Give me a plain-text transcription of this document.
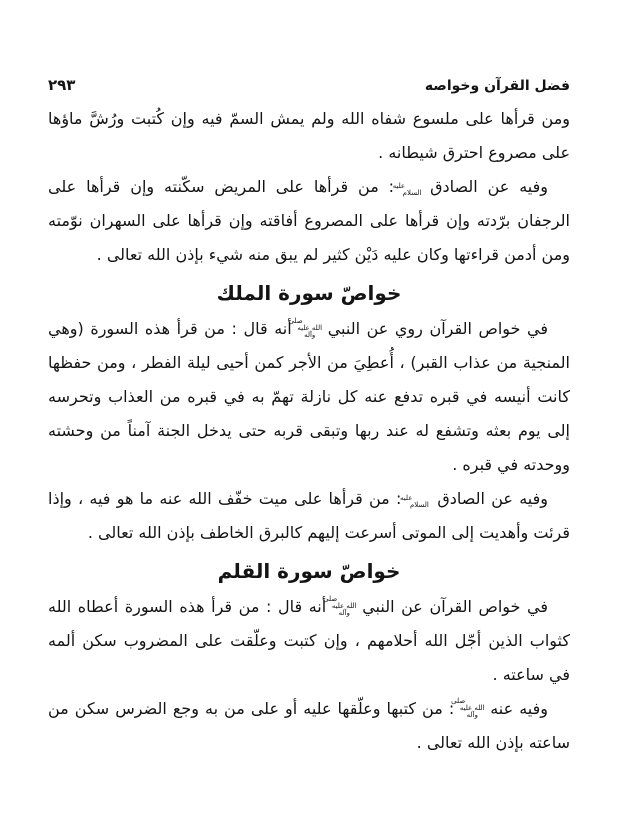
فضل القرآن وخواصه
٢٩٣

ومن قرأها على ملسوع شفاه الله ولم يمش السمّ فيه وإن كُتبت ورُشَّ ماؤها على مصروع احترق شيطانه .

وفيه عن الصادقعليه السلام: من قرأها على المريض سكّنته وإن قرأها على الرجفان برّدته وإن قرأها على المصروع أفاقته وإن قرأها على السهران نوّمته ومن أدمن قراءتها وكان عليه دَيْن كثير لم يبق منه شيء بإذن الله تعالى .

خواصّ سورة الملك

في خواص القرآن روي عن النبيصلى الله عليه وآلهأنه قال : من قرأ هذه السورة (وهي المنجية من عذاب القبر) ، أُعطِيَ من الأجر كمن أحيى ليلة الفطر ، ومن حفظها كانت أنيسه في قبره تدفع عنه كل نازلة تهمّ به في قبره من العذاب وتحرسه إلى يوم بعثه وتشفع له عند ربها وتبقى قربه حتى يدخل الجنة آمناً من وحشته ووحدته في قبره .

وفيه عن الصادقعليه السلام: من قرأها على ميت خفّف الله عنه ما هو فيه ، وإذا قرئت وأهديت إلى الموتى أسرعت إليهم كالبرق الخاطف بإذن الله تعالى .

خواصّ سورة القلم

في خواص القرآن عن النبيصلى الله عليه وآلهأنه قال : من قرأ هذه السورة أعطاه الله كثواب الذين أجّل الله أحلامهم ، وإن كتبت وعلّقت على المضروب سكن ألمه في ساعته .

وفيه عنهصلى الله عليه وآله: من كتبها وعلّقها عليه أو على من به وجع الضرس سكن من ساعته بإذن الله تعالى .
